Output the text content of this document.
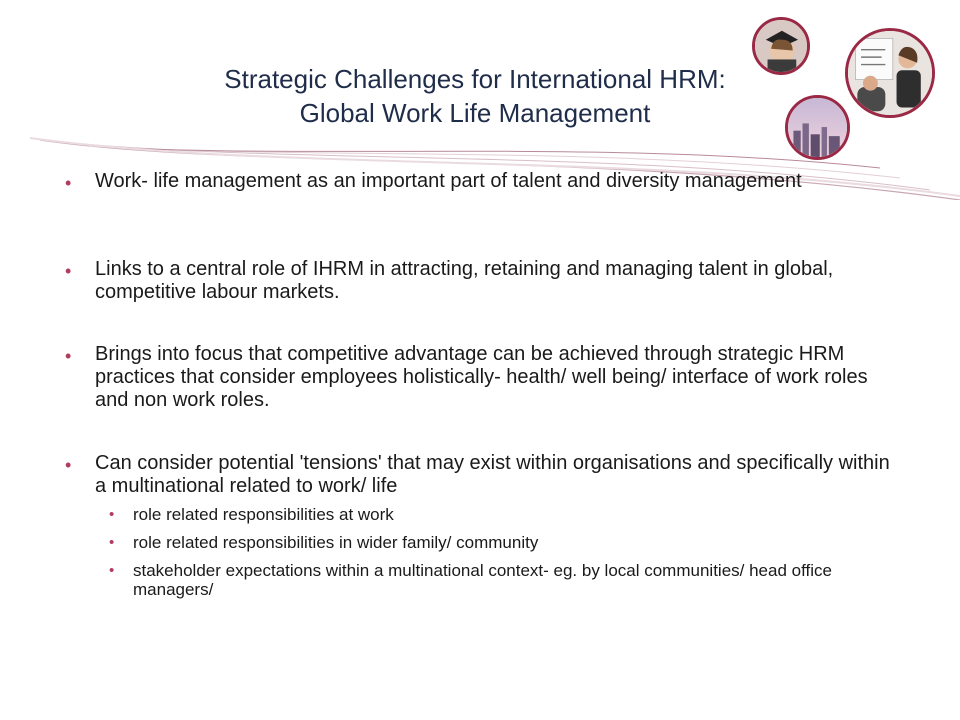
Strategic Challenges for International HRM:
Global Work Life Management
• Work- life management as an important part of talent and diversity management
• Links to a central role of IHRM in attracting, retaining and managing talent in global, competitive labour markets.
• Brings into focus that competitive advantage can be achieved through strategic HRM practices that consider employees holistically- health/ well being/ interface of work roles and non work roles.
• Can consider potential 'tensions' that may exist within organisations and specifically within a multinational related to work/ life
• role related responsibilities at work
• role related responsibilities in wider family/ community
• stakeholder expectations within a multinational context- eg. by local communities/ head office managers/
